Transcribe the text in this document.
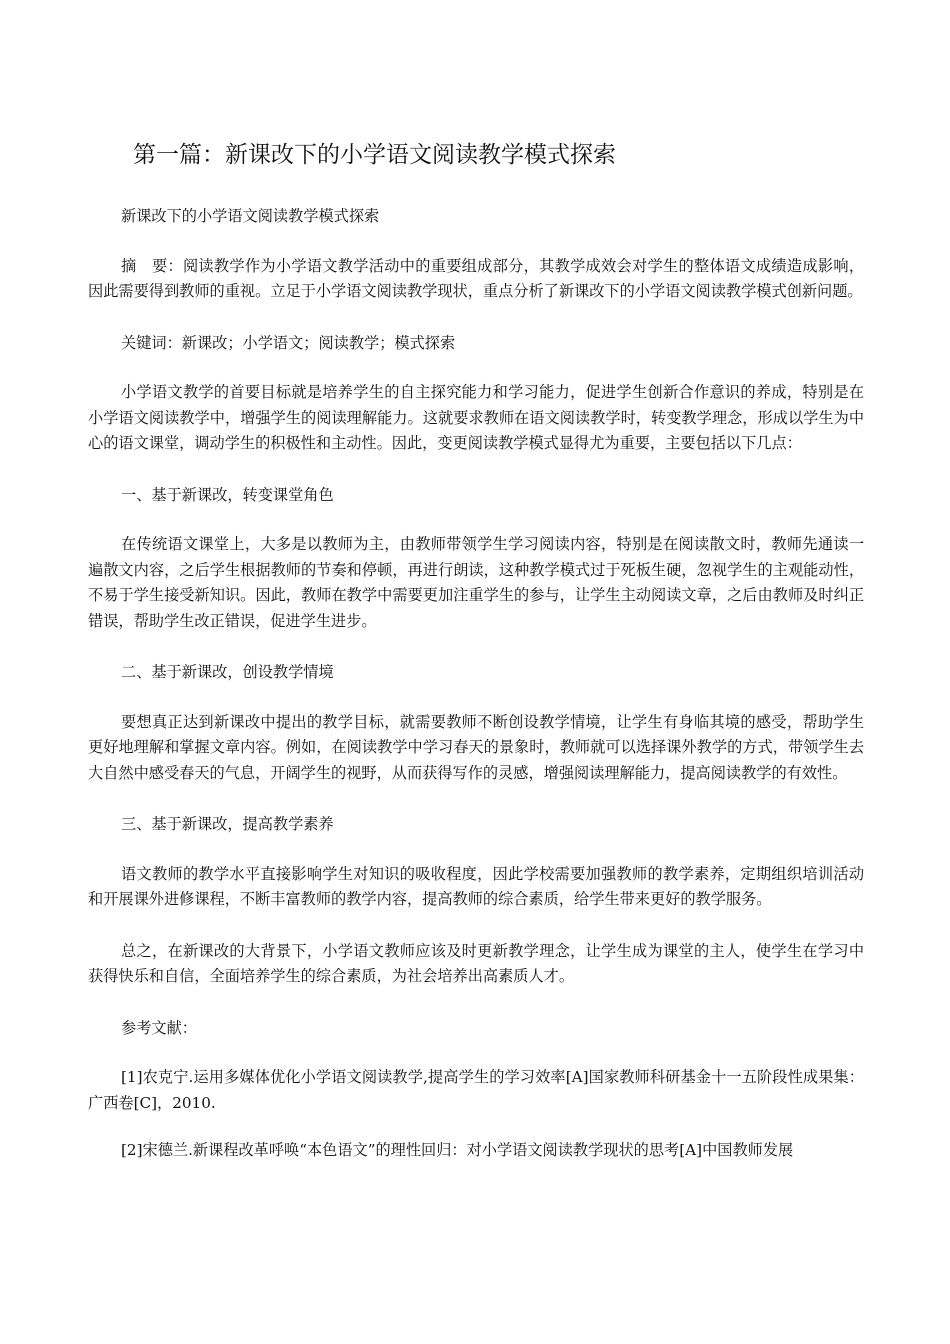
第一篇：新课改下的小学语文阅读教学模式探索

新课改下的小学语文阅读教学模式探索

摘　要：阅读教学作为小学语文教学活动中的重要组成部分，其教学成效会对学生的整体语文成绩造成影响，因此需要得到教师的重视。立足于小学语文阅读教学现状，重点分析了新课改下的小学语文阅读教学模式创新问题。

关键词：新课改；小学语文；阅读教学；模式探索

小学语文教学的首要目标就是培养学生的自主探究能力和学习能力，促进学生创新合作意识的养成，特别是在小学语文阅读教学中，增强学生的阅读理解能力。这就要求教师在语文阅读教学时，转变教学理念，形成以学生为中心的语文课堂，调动学生的积极性和主动性。因此，变更阅读教学模式显得尤为重要，主要包括以下几点：

一、基于新课改，转变课堂角色

在传统语文课堂上，大多是以教师为主，由教师带领学生学习阅读内容，特别是在阅读散文时，教师先通读一遍散文内容，之后学生根据教师的节奏和停顿，再进行朗读，这种教学模式过于死板生硬，忽视学生的主观能动性，不易于学生接受新知识。因此，教师在教学中需要更加注重学生的参与，让学生主动阅读文章，之后由教师及时纠正错误，帮助学生改正错误，促进学生进步。

二、基于新课改，创设教学情境

要想真正达到新课改中提出的教学目标，就需要教师不断创设教学情境，让学生有身临其境的感受，帮助学生更好地理解和掌握文章内容。例如，在阅读教学中学习春天的景象时，教师就可以选择课外教学的方式，带领学生去大自然中感受春天的气息，开阔学生的视野，从而获得写作的灵感，增强阅读理解能力，提高阅读教学的有效性。

三、基于新课改，提高教学素养

语文教师的教学水平直接影响学生对知识的吸收程度，因此学校需要加强教师的教学素养，定期组织培训活动和开展课外进修课程，不断丰富教师的教学内容，提高教师的综合素质，给学生带来更好的教学服务。

总之，在新课改的大背景下，小学语文教师应该及时更新教学理念，让学生成为课堂的主人，使学生在学习中获得快乐和自信，全面培养学生的综合素质，为社会培养出高素质人才。

参考文献：

[1]农克宁.运用多媒体优化小学语文阅读教学,提高学生的学习效率[A]国家教师科研基金十一五阶段性成果集：广西卷[C]，2010.

[2]宋德兰.新课程改革呼唤“本色语文”的理性回归：对小学语文阅读教学现状的思考[A]中国教师发展
